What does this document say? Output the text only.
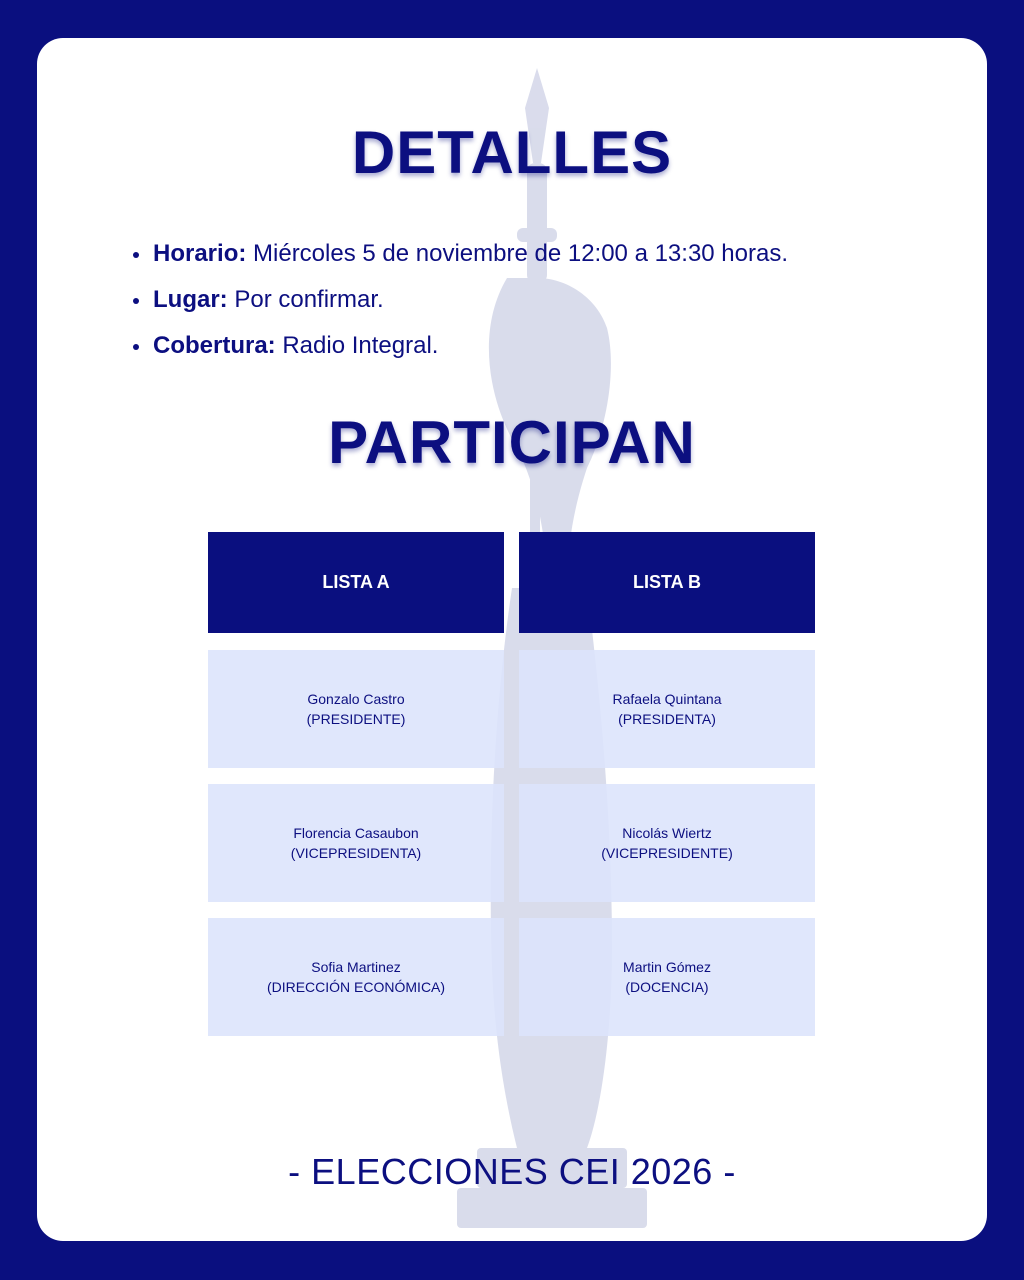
DETALLES
Horario: Miércoles 5 de noviembre de 12:00 a 13:30 horas.
Lugar: Por confirmar.
Cobertura: Radio Integral.
PARTICIPAN
LISTA A	LISTA B
Gonzalo Castro
(PRESIDENTE)
Rafaela Quintana
(PRESIDENTA)
Florencia Casaubon
(VICEPRESIDENTA)
Nicolás Wiertz
(VICEPRESIDENTE)
Sofia Martinez
(DIRECCIÓN ECONÓMICA)
Martin Gómez
(DOCENCIA)
- ELECCIONES CEI 2026 -
